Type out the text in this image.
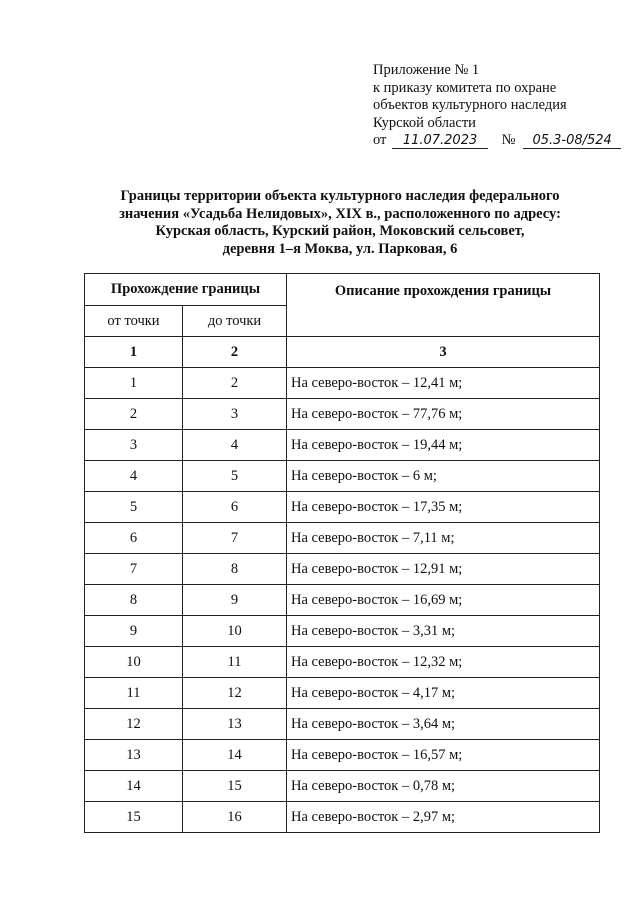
Приложение № 1
к приказу комитета по охране
объектов культурного наследия
Курской области
от 11.07.2023 № 05.3-08/524
Границы территории объекта культурного наследия федерального
значения «Усадьба Нелидовых», XIX в., расположенного по адресу:
Курская область, Курский район, Моковский сельсовет,
деревня 1–я Моква, ул. Парковая, 6
Прохождение границы		Описание прохождения границы
от точки	до точки	
1	2	3
1	2	На северо-восток – 12,41 м;
2	3	На северо-восток – 77,76 м;
3	4	На северо-восток – 19,44 м;
4	5	На северо-восток – 6 м;
5	6	На северо-восток – 17,35 м;
6	7	На северо-восток – 7,11 м;
7	8	На северо-восток – 12,91 м;
8	9	На северо-восток – 16,69 м;
9	10	На северо-восток – 3,31 м;
10	11	На северо-восток – 12,32 м;
11	12	На северо-восток – 4,17 м;
12	13	На северо-восток – 3,64 м;
13	14	На северо-восток – 16,57 м;
14	15	На северо-восток – 0,78 м;
15	16	На северо-восток – 2,97 м;
